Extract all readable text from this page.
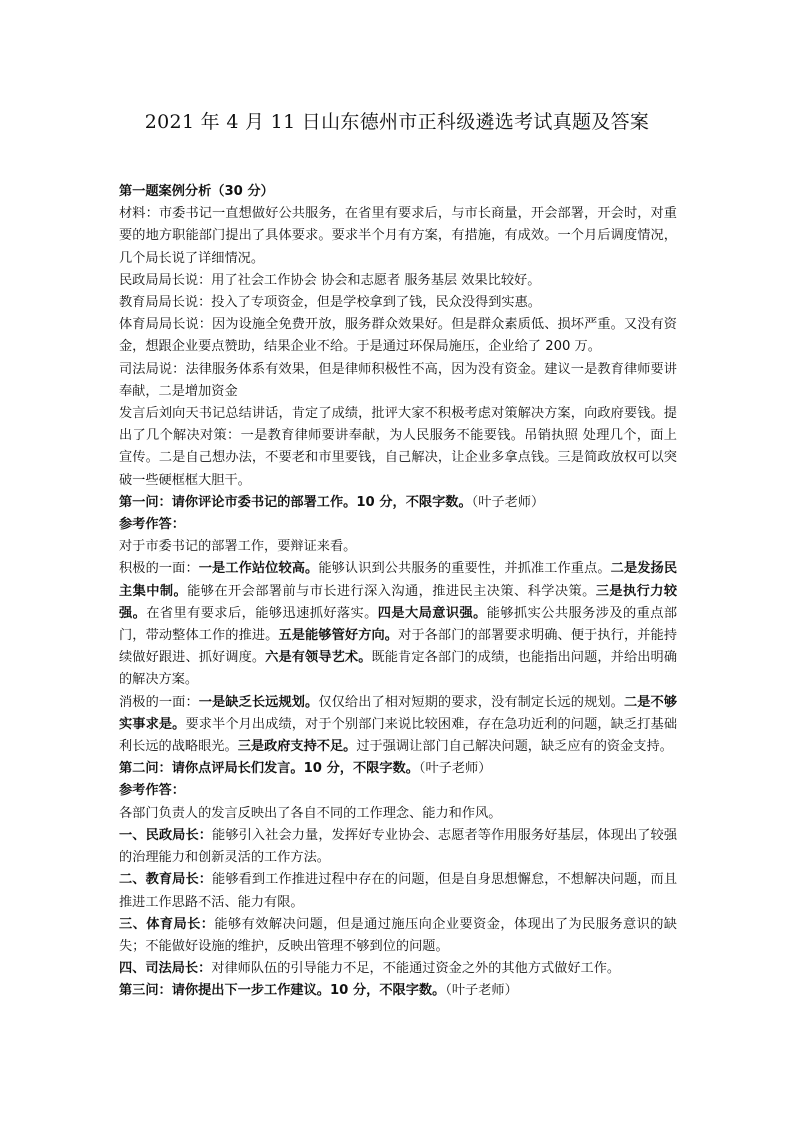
2021 年 4 月 11 日山东德州市正科级遴选考试真题及答案

第一题案例分析（30 分）

材料：市委书记一直想做好公共服务，在省里有要求后，与市长商量，开会部署，开会时，对重要的地方职能部门提出了具体要求。要求半个月有方案，有措施，有成效。一个月后调度情况，几个局长说了详细情况。

民政局局长说：用了社会工作协会 协会和志愿者 服务基层 效果比较好。

教育局局长说：投入了专项资金，但是学校拿到了钱，民众没得到实惠。

体育局局长说：因为设施全免费开放，服务群众效果好。但是群众素质低、损坏严重。又没有资金，想跟企业要点赞助，结果企业不给。于是通过环保局施压，企业给了 200 万。

司法局说：法律服务体系有效果，但是律师积极性不高，因为没有资金。建议一是教育律师要讲奉献，二是增加资金

发言后刘向天书记总结讲话，肯定了成绩，批评大家不积极考虑对策解决方案，向政府要钱。提出了几个解决对策：一是教育律师要讲奉献，为人民服务不能要钱。吊销执照 处理几个，面上宣传。二是自己想办法，不要老和市里要钱，自己解决，让企业多拿点钱。三是简政放权可以突破一些硬框框大胆干。

第一问：请你评论市委书记的部署工作。10 分，不限字数。（叶子老师）

参考作答：

对于市委书记的部署工作，要辩证来看。

积极的一面：一是工作站位较高。能够认识到公共服务的重要性，并抓准工作重点。二是发扬民主集中制。能够在开会部署前与市长进行深入沟通，推进民主决策、科学决策。三是执行力较强。在省里有要求后，能够迅速抓好落实。四是大局意识强。能够抓实公共服务涉及的重点部门，带动整体工作的推进。五是能够管好方向。对于各部门的部署要求明确、便于执行，并能持续做好跟进、抓好调度。六是有领导艺术。既能肯定各部门的成绩，也能指出问题，并给出明确的解决方案。

消极的一面：一是缺乏长远规划。仅仅给出了相对短期的要求，没有制定长远的规划。二是不够实事求是。要求半个月出成绩，对于个别部门来说比较困难，存在急功近利的问题，缺乏打基础利长远的战略眼光。三是政府支持不足。过于强调让部门自己解决问题，缺乏应有的资金支持。

第二问：请你点评局长们发言。10 分，不限字数。（叶子老师）

参考作答：

各部门负责人的发言反映出了各自不同的工作理念、能力和作风。

一、民政局长：能够引入社会力量，发挥好专业协会、志愿者等作用服务好基层，体现出了较强的治理能力和创新灵活的工作方法。

二、教育局长：能够看到工作推进过程中存在的问题，但是自身思想懈怠，不想解决问题，而且推进工作思路不活、能力有限。

三、体育局长：能够有效解决问题，但是通过施压向企业要资金，体现出了为民服务意识的缺失；不能做好设施的维护，反映出管理不够到位的问题。

四、司法局长：对律师队伍的引导能力不足，不能通过资金之外的其他方式做好工作。

第三问：请你提出下一步工作建议。10 分，不限字数。（叶子老师）
